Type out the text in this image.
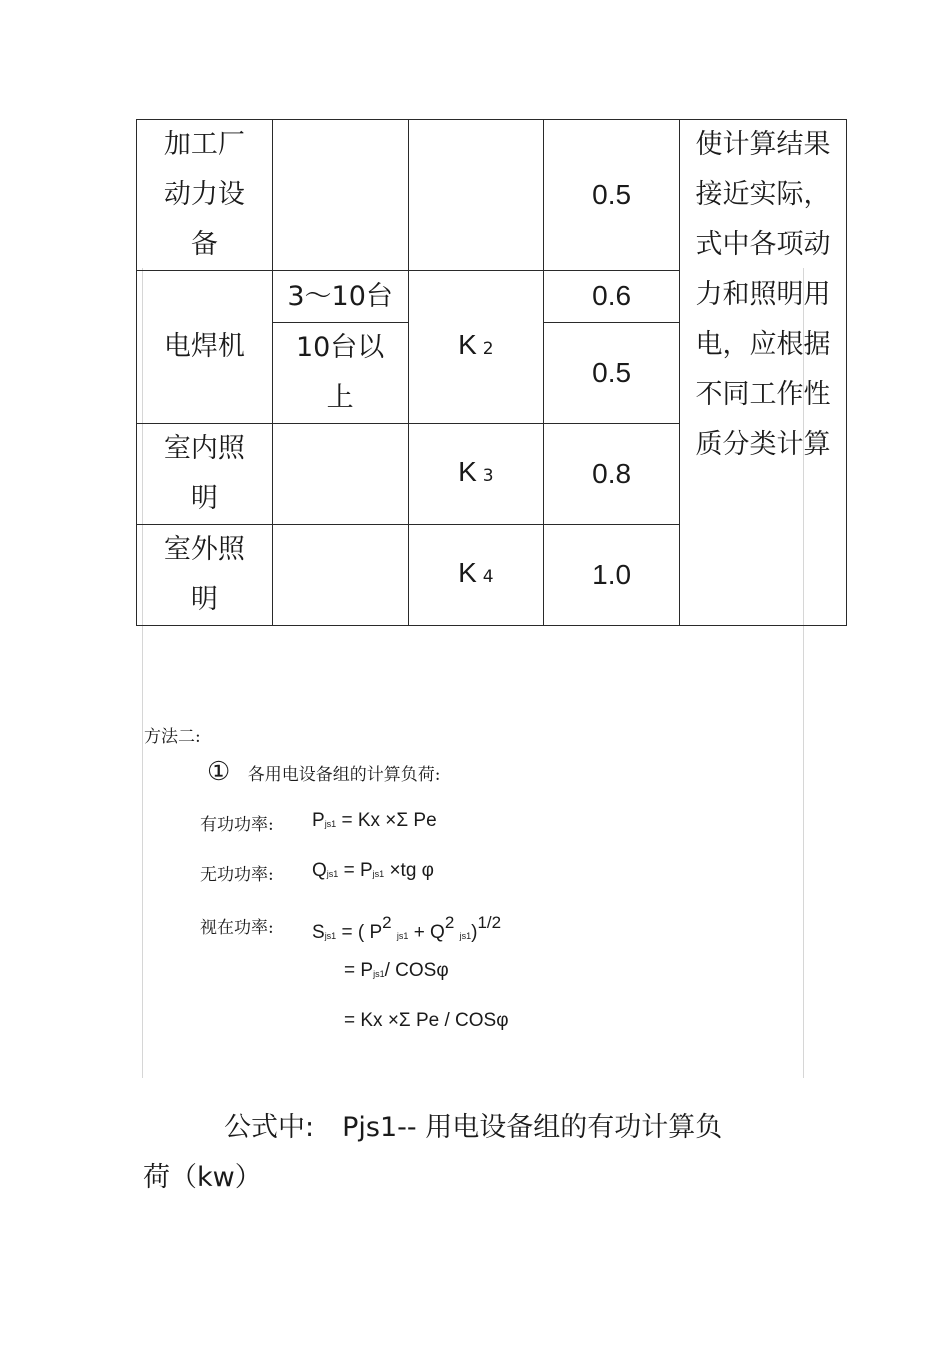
加工厂动力设备			0.5	使计算结果接近实际，式中各项动力和照明用电，应根据不同工作性质分类计算
电焊机	3～10台	K 2	0.6	
	10台以上		0.5	
室内照明		K 3	0.8	
室外照明		K 4	1.0	
方法二:
① 各用电设备组的计算负荷:
有功功率: Pjs1 = Kx ×Σ Pe
无功功率: Qjs1 = Pjs1 ×tg φ
视在功率: Sjs1 = ( P2 js1 + Q2 js1)1/2
= Pjs1/ COSφ
= Kx ×Σ Pe / COSφ
公式中: Pjs1-- 用电设备组的有功计算负
荷（kw）
